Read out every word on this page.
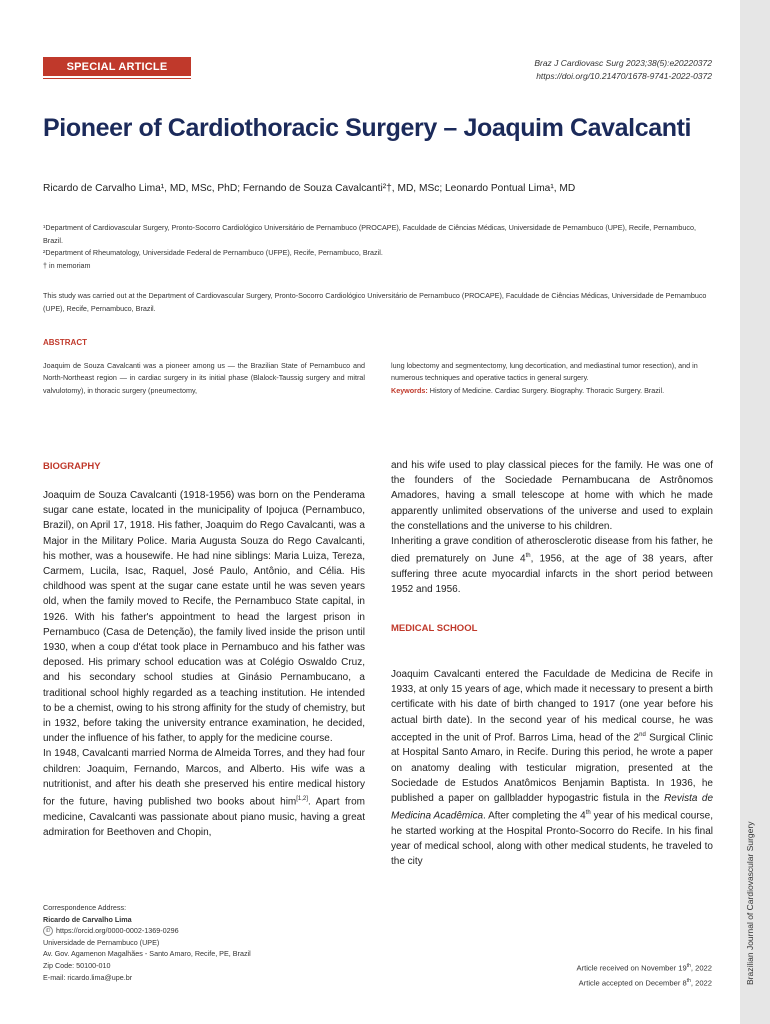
Brazilian Journal of Cardiovascular Surgery
SPECIAL ARTICLE	Braz J Cardiovasc Surg 2023;38(5):e20220372
https://doi.org/10.21470/1678-9741-2022-0372
Pioneer of Cardiothoracic Surgery – Joaquim Cavalcanti
Ricardo de Carvalho Lima¹, MD, MSc, PhD; Fernando de Souza Cavalcanti²†, MD, MSc; Leonardo Pontual Lima¹, MD
¹Department of Cardiovascular Surgery, Pronto-Socorro Cardiológico Universitário de Pernambuco (PROCAPE), Faculdade de Ciências Médicas, Universidade de Pernambuco (UPE), Recife, Pernambuco, Brazil.
²Department of Rheumatology, Universidade Federal de Pernambuco (UFPE), Recife, Pernambuco, Brazil.
† in memoriam
This study was carried out at the Department of Cardiovascular Surgery, Pronto-Socorro Cardiológico Universitário de Pernambuco (PROCAPE), Faculdade de Ciências Médicas, Universidade de Pernambuco (UPE), Recife, Pernambuco, Brazil.
ABSTRACT
Joaquim de Souza Cavalcanti was a pioneer among us — the Brazilian State of Pernambuco and North-Northeast region — in cardiac surgery in its initial phase (Blalock-Taussig surgery and mitral valvulotomy), in thoracic surgery (pneumectomy,
lung lobectomy and segmentectomy, lung decortication, and mediastinal tumor resection), and in numerous techniques and operative tactics in general surgery.
Keywords: History of Medicine. Cardiac Surgery. Biography. Thoracic Surgery. Brazil.
BIOGRAPHY

Joaquim de Souza Cavalcanti (1918-1956) was born on the Penderama sugar cane estate, located in the municipality of Ipojuca (Pernambuco, Brazil), on April 17, 1918. His father, Joaquim do Rego Cavalcanti, was a Major in the Military Police. Maria Augusta Souza do Rego Cavalcanti, his mother, was a housewife. He had nine siblings: Maria Luiza, Tereza, Carmem, Lucila, Isac, Raquel, José Paulo, Antônio, and Célia. His childhood was spent at the sugar cane estate until he was seven years old, when the family moved to Recife, the Pernambuco State capital, in 1926. With his father's appointment to head the largest prison in Pernambuco (Casa de Detenção), the family lived inside the prison until 1930, when a coup d'état took place in Pernambuco and his father was deposed. His primary school education was at Colégio Oswaldo Cruz, and his secondary school studies at Ginásio Pernambucano, a traditional school highly regarded as a teaching institution. He intended to be a chemist, owing to his strong affinity for the study of chemistry, but in 1932, before taking the university entrance examination, he decided, under the influence of his father, to apply for the medicine course.

In 1948, Cavalcanti married Norma de Almeida Torres, and they had four children: Joaquim, Fernando, Marcos, and Alberto. His wife was a nutritionist, and after his death she preserved his entire medical history for the future, having published two books about him[1,2]. Apart from medicine, Cavalcanti was passionate about piano music, having a great admiration for Beethoven and Chopin,

and his wife used to play classical pieces for the family. He was one of the founders of the Sociedade Pernambucana de Astrônomos Amadores, having a small telescope at home with which he made apparently unlimited observations of the universe and used to explain the constellations and the universe to his children.

Inheriting a grave condition of atherosclerotic disease from his father, he died prematurely on June 4th, 1956, at the age of 38 years, after suffering three acute myocardial infarcts in the short period between 1952 and 1956.

MEDICAL SCHOOL

Joaquim Cavalcanti entered the Faculdade de Medicina de Recife in 1933, at only 15 years of age, which made it necessary to present a birth certificate with his date of birth changed to 1917 (one year before his actual birth date). In the second year of his medical course, he was accepted in the unit of Prof. Barros Lima, head of the 2nd Surgical Clinic at Hospital Santo Amaro, in Recife. During this period, he wrote a paper on anatomy dealing with testicular migration, presented at the Sociedade de Estudos Anatômicos Benjamin Baptista. In 1936, he published a paper on gallbladder hypogastric fistula in the Revista de Medicina Acadêmica. After completing the 4th year of his medical course, he started working at the Hospital Pronto-Socorro do Recife. In his final year of medical school, along with other medical students, he traveled to the city

Correspondence Address:
Ricardo de Carvalho Lima
iD https://orcid.org/0000-0002-1369-0296
Universidade de Pernambuco (UPE)
Av. Gov. Agamenon Magalhães - Santo Amaro, Recife, PE, Brazil
Zip Code: 50100-010
E-mail: ricardo.lima@upe.br
Article received on November 19th, 2022
Article accepted on December 8th, 2022
